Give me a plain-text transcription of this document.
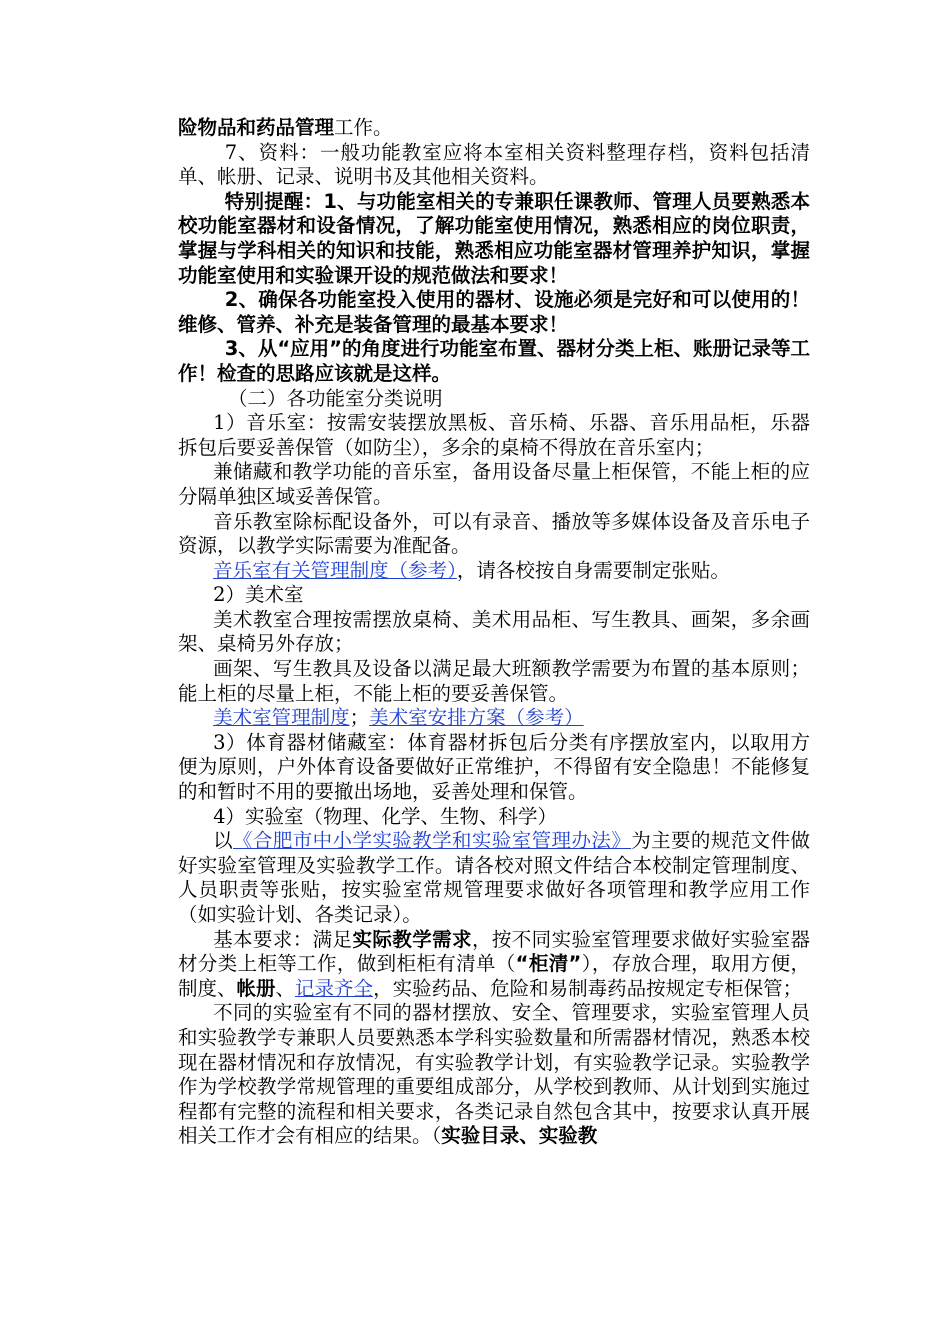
险物品和药品管理工作。

7、资料：一般功能教室应将本室相关资料整理存档，资料包括清单、帐册、记录、说明书及其他相关资料。

特别提醒：1、与功能室相关的专兼职任课教师、管理人员要熟悉本校功能室器材和设备情况，了解功能室使用情况，熟悉相应的岗位职责，掌握与学科相关的知识和技能，熟悉相应功能室器材管理养护知识，掌握功能室使用和实验课开设的规范做法和要求！

2、确保各功能室投入使用的器材、设施必须是完好和可以使用的！维修、管养、补充是装备管理的最基本要求！

3、从“应用”的角度进行功能室布置、器材分类上柜、账册记录等工作！检查的思路应该就是这样。

（二）各功能室分类说明

1）音乐室：按需安装摆放黑板、音乐椅、乐器、音乐用品柜，乐器拆包后要妥善保管（如防尘），多余的桌椅不得放在音乐室内；

兼储藏和教学功能的音乐室，备用设备尽量上柜保管，不能上柜的应分隔单独区域妥善保管。

音乐教室除标配设备外，可以有录音、播放等多媒体设备及音乐电子资源，以教学实际需要为准配备。

音乐室有关管理制度（参考），请各校按自身需要制定张贴。

2）美术室

美术教室合理按需摆放桌椅、美术用品柜、写生教具、画架，多余画架、桌椅另外存放；

画架、写生教具及设备以满足最大班额教学需要为布置的基本原则；能上柜的尽量上柜，不能上柜的要妥善保管。

美术室管理制度；美术室安排方案（参考）

3）体育器材储藏室：体育器材拆包后分类有序摆放室内，以取用方便为原则，户外体育设备要做好正常维护，不得留有安全隐患！不能修复的和暂时不用的要撤出场地，妥善处理和保管。

4）实验室（物理、化学、生物、科学）

以《合肥市中小学实验教学和实验室管理办法》为主要的规范文件做好实验室管理及实验教学工作。请各校对照文件结合本校制定管理制度、人员职责等张贴，按实验室常规管理要求做好各项管理和教学应用工作（如实验计划、各类记录）。

基本要求：满足实际教学需求，按不同实验室管理要求做好实验室器材分类上柜等工作，做到柜柜有清单（“柜清”），存放合理，取用方便，制度、帐册、记录齐全，实验药品、危险和易制毒药品按规定专柜保管；

不同的实验室有不同的器材摆放、安全、管理要求，实验室管理人员和实验教学专兼职人员要熟悉本学科实验数量和所需器材情况，熟悉本校现在器材情况和存放情况，有实验教学计划，有实验教学记录。实验教学作为学校教学常规管理的重要组成部分，从学校到教师、从计划到实施过程都有完整的流程和相关要求，各类记录自然包含其中，按要求认真开展相关工作才会有相应的结果。（实验目录、实验教
